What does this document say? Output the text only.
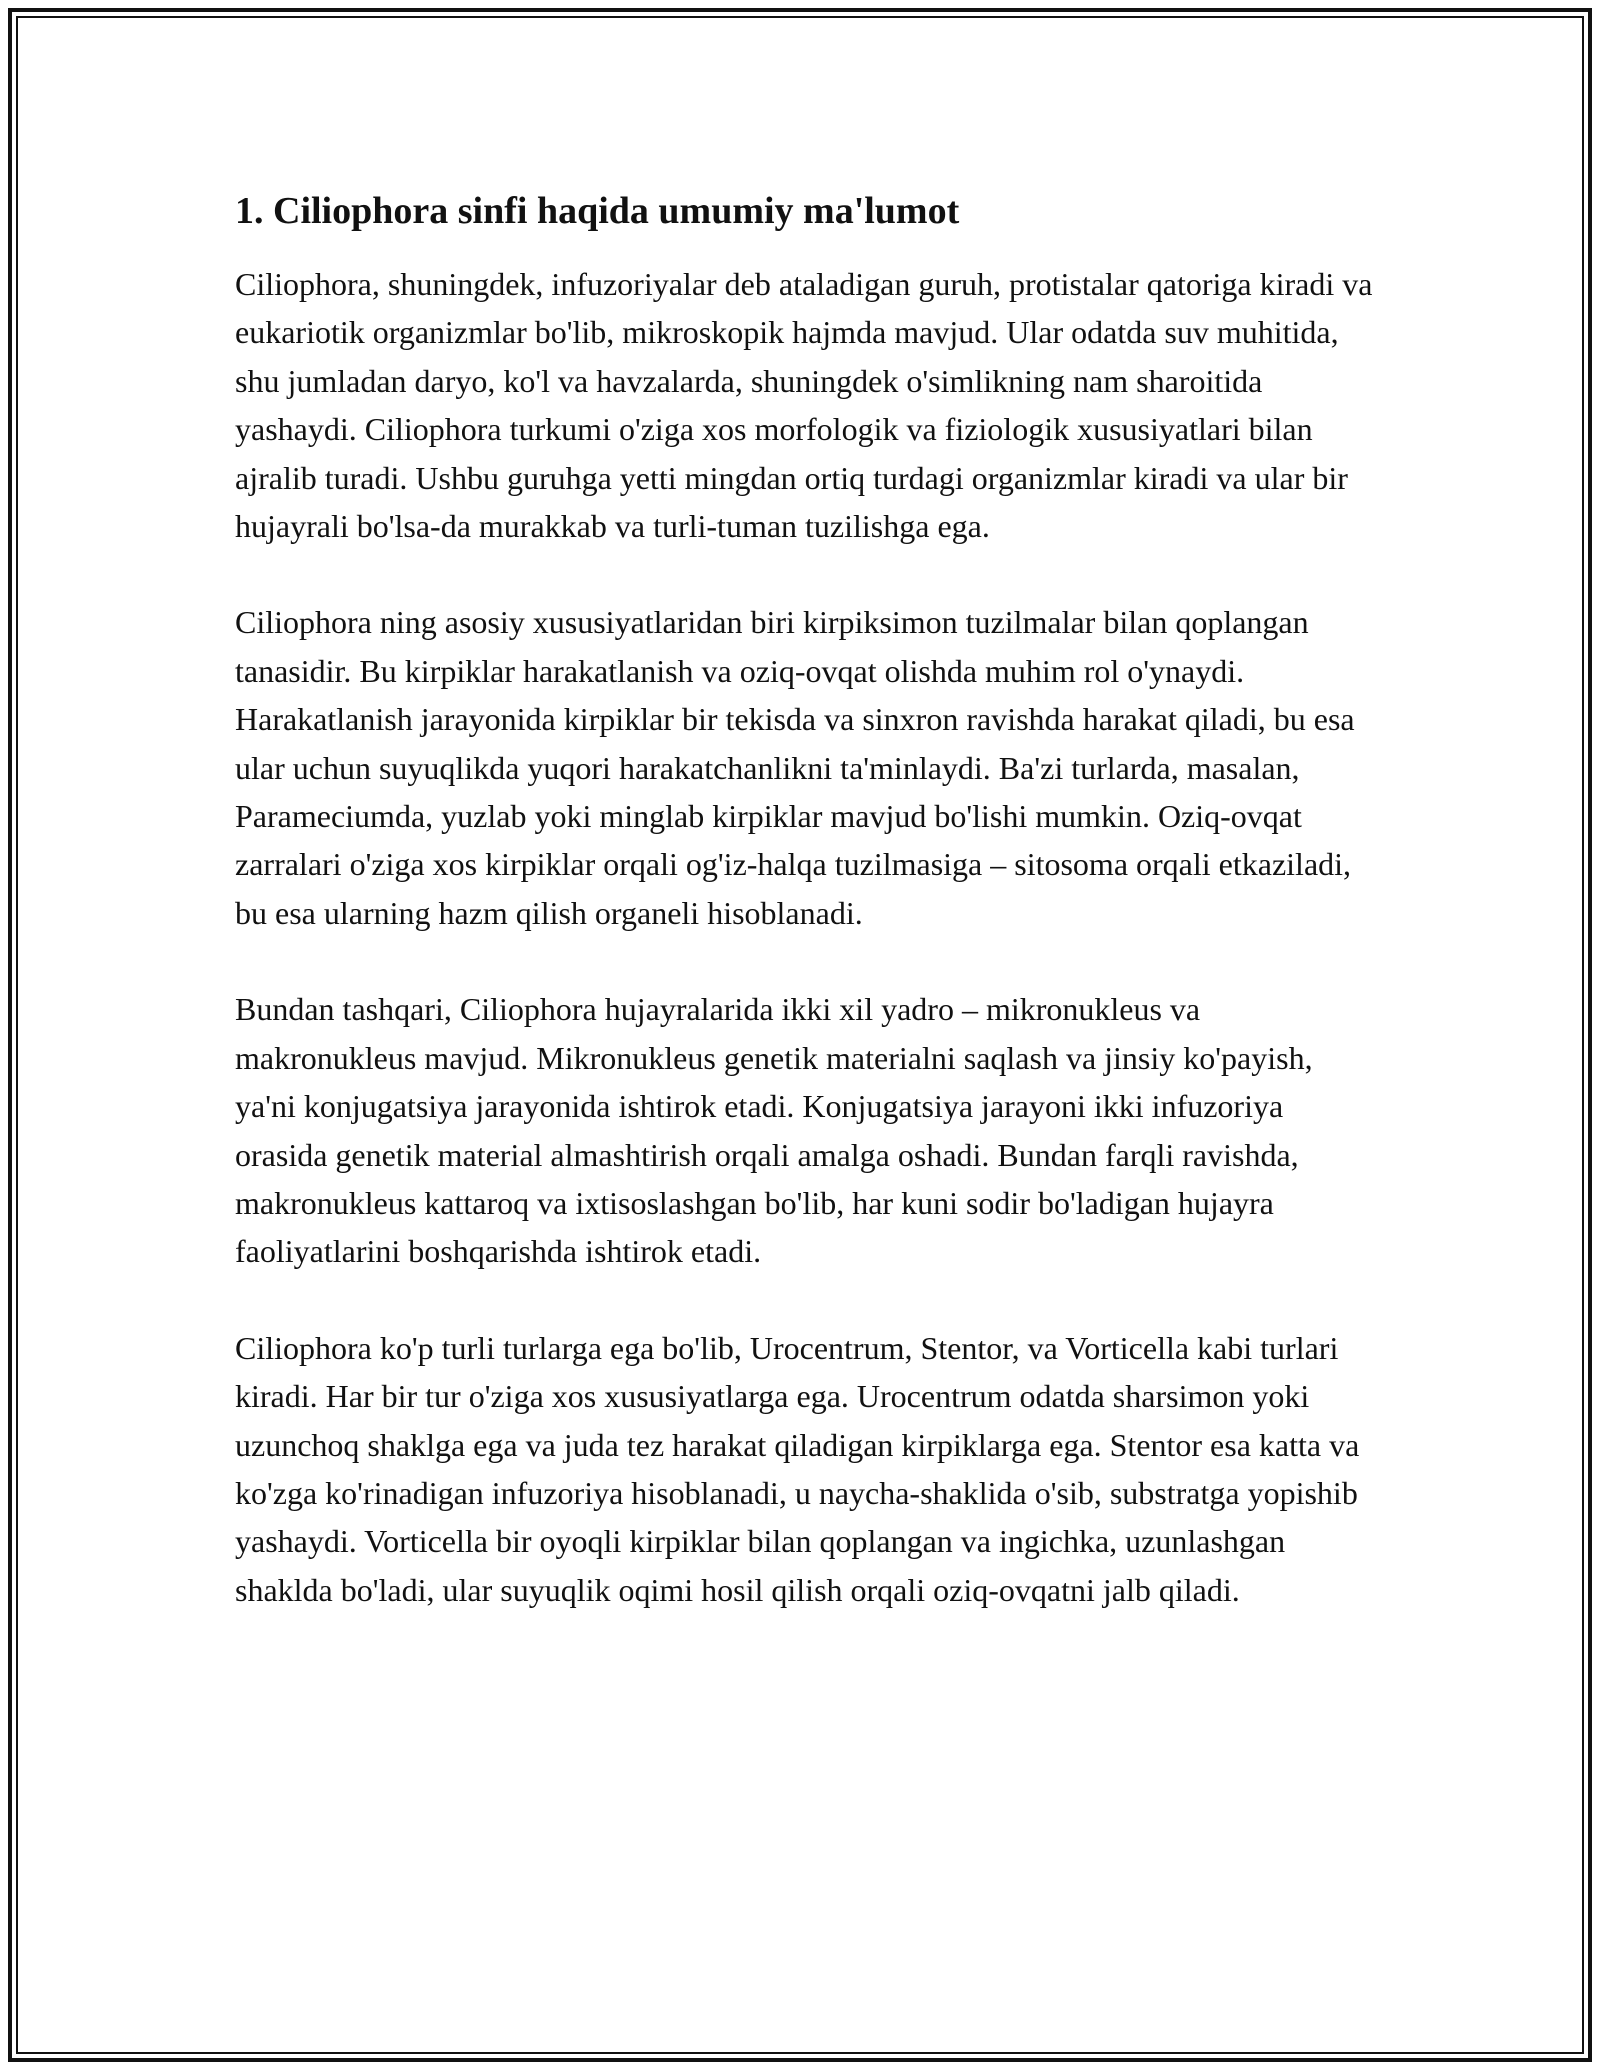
1. Ciliophora sinfi haqida umumiy ma'lumot

Ciliophora, shuningdek, infuzoriyalar deb ataladigan guruh, protistalar qatoriga kiradi va eukariotik organizmlar bo'lib, mikroskopik hajmda mavjud. Ular odatda suv muhitida, shu jumladan daryo, ko'l va havzalarda, shuningdek o'simlikning nam sharoitida yashaydi. Ciliophora turkumi o'ziga xos morfologik va fiziologik xususiyatlari bilan ajralib turadi. Ushbu guruhga yetti mingdan ortiq turdagi organizmlar kiradi va ular bir hujayrali bo'lsa-da murakkab va turli-tuman tuzilishga ega.

Ciliophora ning asosiy xususiyatlaridan biri kirpiksimon tuzilmalar bilan qoplangan tanasidir. Bu kirpiklar harakatlanish va oziq-ovqat olishda muhim rol o'ynaydi. Harakatlanish jarayonida kirpiklar bir tekisda va sinxron ravishda harakat qiladi, bu esa ular uchun suyuqlikda yuqori harakatchanlikni ta'minlaydi. Ba'zi turlarda, masalan, Parameciumda, yuzlab yoki minglab kirpiklar mavjud bo'lishi mumkin. Oziq-ovqat zarralari o'ziga xos kirpiklar orqali og'iz-halqa tuzilmasiga – sitosoma orqali etkaziladi, bu esa ularning hazm qilish organeli hisoblanadi.

Bundan tashqari, Ciliophora hujayralarida ikki xil yadro – mikronukleus va makronukleus mavjud. Mikronukleus genetik materialni saqlash va jinsiy ko'payish, ya'ni konjugatsiya jarayonida ishtirok etadi. Konjugatsiya jarayoni ikki infuzoriya orasida genetik material almashtirish orqali amalga oshadi. Bundan farqli ravishda, makronukleus kattaroq va ixtisoslashgan bo'lib, har kuni sodir bo'ladigan hujayra faoliyatlarini boshqarishda ishtirok etadi.

Ciliophora ko'p turli turlarga ega bo'lib, Urocentrum, Stentor, va Vorticella kabi turlari kiradi. Har bir tur o'ziga xos xususiyatlarga ega. Urocentrum odatda sharsimon yoki uzunchoq shaklga ega va juda tez harakat qiladigan kirpiklarga ega. Stentor esa katta va ko'zga ko'rinadigan infuzoriya hisoblanadi, u naycha-shaklida o'sib, substratga yopishib yashaydi. Vorticella bir oyoqli kirpiklar bilan qoplangan va ingichka, uzunlashgan shaklda bo'ladi, ular suyuqlik oqimi hosil qilish orqali oziq-ovqatni jalb qiladi.
